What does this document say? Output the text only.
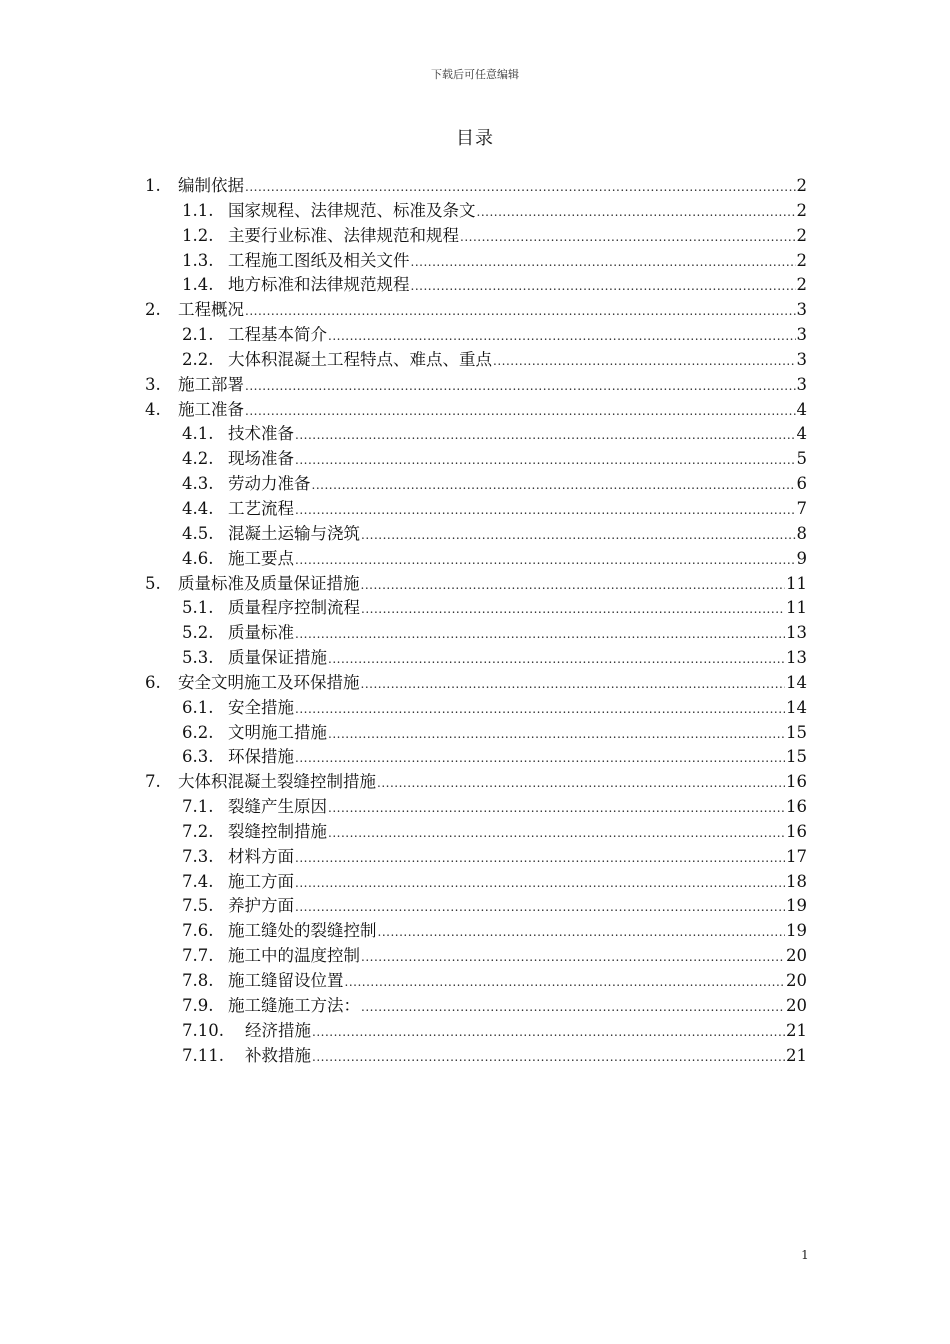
下载后可任意编辑
目录
1.	编制依据 .....	2
1.1. 国家规程、法律规范、标准及条文 .....	2
1.2. 主要行业标准、法律规范和规程 .....	2
1.3. 工程施工图纸及相关文件 .....	2
1.4. 地方标准和法律规范规程 .....	2
2.	工程概况 .....	3
2.1. 工程基本简介 .....	3
2.2. 大体积混凝土工程特点、难点、重点 .....	3
3.	施工部署 .....	3
4.	施工准备 .....	4
4.1. 技术准备 .....	4
4.2. 现场准备 .....	5
4.3. 劳动力准备 .....	6
4.4. 工艺流程 .....	7
4.5. 混凝土运输与浇筑 .....	8
4.6. 施工要点 .....	9
5.	质量标准及质量保证措施 .....	11
5.1. 质量程序控制流程 .....	11
5.2. 质量标准 .....	13
5.3. 质量保证措施 .....	13
6.	安全文明施工及环保措施 .....	14
6.1. 安全措施 .....	14
6.2. 文明施工措施 .....	15
6.3. 环保措施 .....	15
7.	大体积混凝土裂缝控制措施 .....	16
7.1. 裂缝产生原因 .....	16
7.2. 裂缝控制措施 .....	16
7.3. 材料方面 .....	17
7.4. 施工方面 .....	18
7.5. 养护方面 .....	19
7.6. 施工缝处的裂缝控制 .....	19
7.7. 施工中的温度控制 .....	20
7.8. 施工缝留设位置 .....	20
7.9. 施工缝施工方法： .....	20
7.10.	经济措施 .....	21
7.11.	补救措施 .....	21
1
